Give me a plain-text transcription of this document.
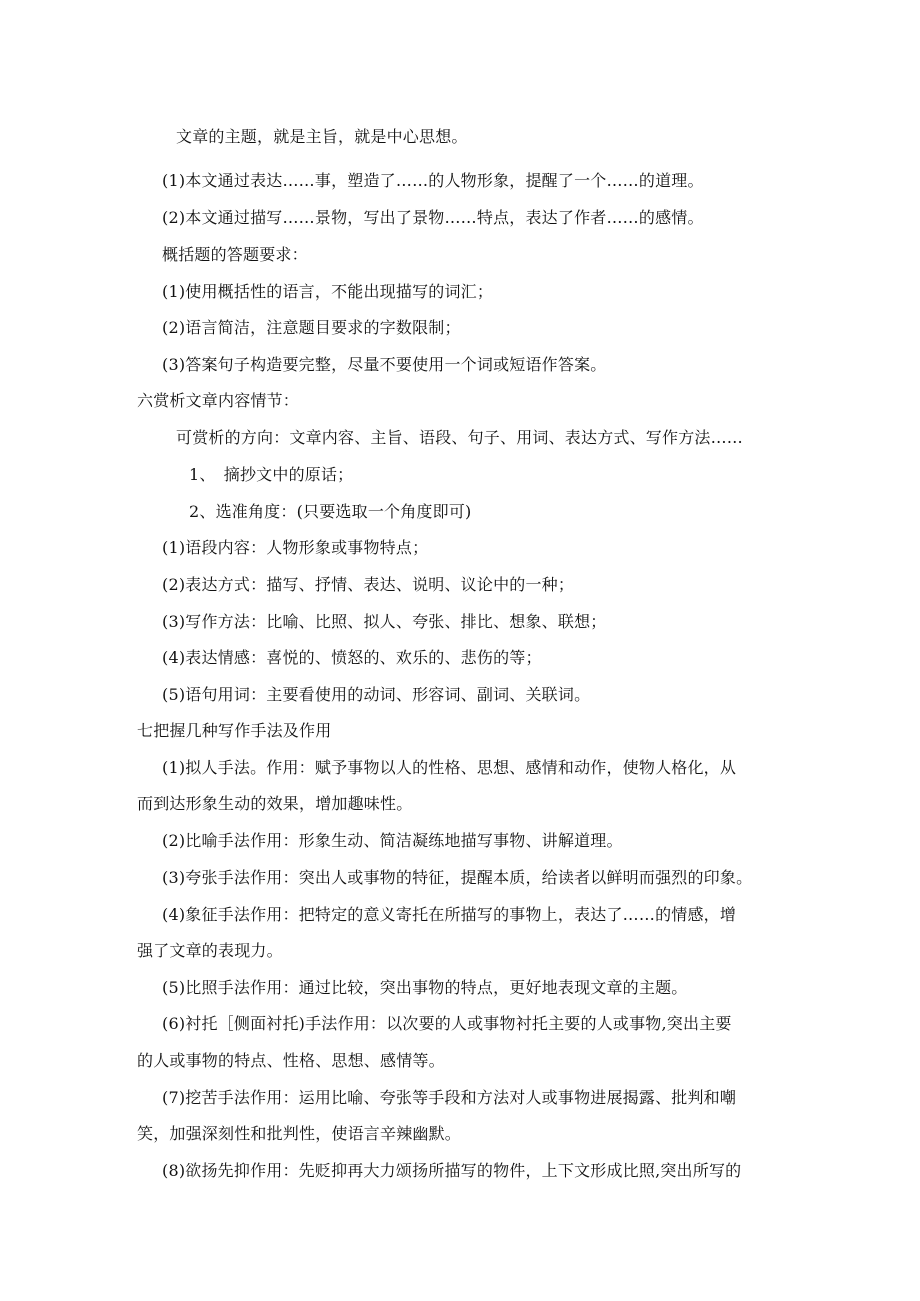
文章的主题，就是主旨，就是中心思想。
(1)本文通过表达……事，塑造了……的人物形象，提醒了一个……的道理。
(2)本文通过描写……景物，写出了景物……特点，表达了作者……的感情。
概括题的答题要求：
(1)使用概括性的语言，不能出现描写的词汇；
(2)语言简洁，注意题目要求的字数限制；
(3)答案句子构造要完整，尽量不要使用一个词或短语作答案。
六赏析文章内容情节：
可赏析的方向：文章内容、主旨、语段、句子、用词、表达方式、写作方法……
1、　摘抄文中的原话；
2、选准角度：(只要选取一个角度即可)
(1)语段内容：人物形象或事物特点；
(2)表达方式：描写、抒情、表达、说明、议论中的一种；
(3)写作方法：比喻、比照、拟人、夸张、排比、想象、联想；
(4)表达情感：喜悦的、愤怒的、欢乐的、悲伤的等；
(5)语句用词：主要看使用的动词、形容词、副词、关联词。
七把握几种写作手法及作用
(1)拟人手法。作用：赋予事物以人的性格、思想、感情和动作，使物人格化，从
而到达形象生动的效果，增加趣味性。
(2)比喻手法作用：形象生动、简洁凝练地描写事物、讲解道理。
(3)夸张手法作用：突出人或事物的特征，提醒本质，给读者以鲜明而强烈的印象。
(4)象征手法作用：把特定的意义寄托在所描写的事物上，表达了……的情感，增
强了文章的表现力。
(5)比照手法作用：通过比较，突出事物的特点，更好地表现文章的主题。
(6)衬托［侧面衬托)手法作用：以次要的人或事物衬托主要的人或事物,突出主要
的人或事物的特点、性格、思想、感情等。
(7)挖苦手法作用：运用比喻、夸张等手段和方法对人或事物进展揭露、批判和嘲
笑，加强深刻性和批判性，使语言辛辣幽默。
(8)欲扬先抑作用：先贬抑再大力颂扬所描写的物件，上下文形成比照,突出所写的
